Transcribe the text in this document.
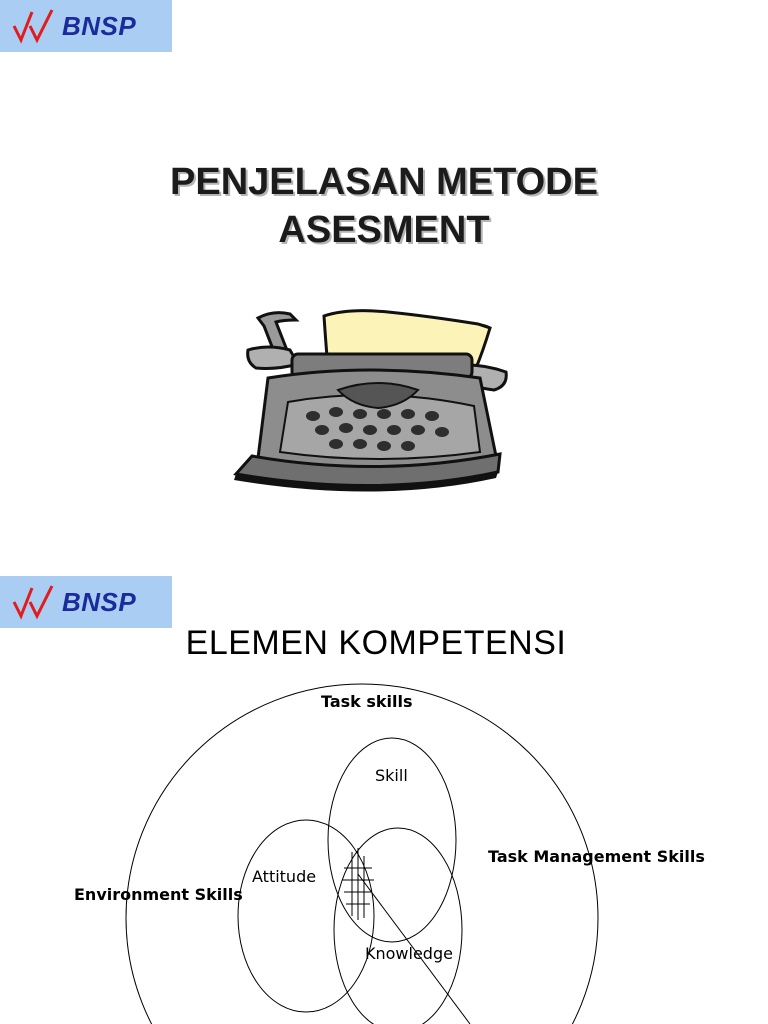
BNSP
PENJELASAN METODE
ASESMENT
BNSP
ELEMEN KOMPETENSI
Task skills
Task Management Skills
Environment Skills
Skill
Attitude
Knowledge
